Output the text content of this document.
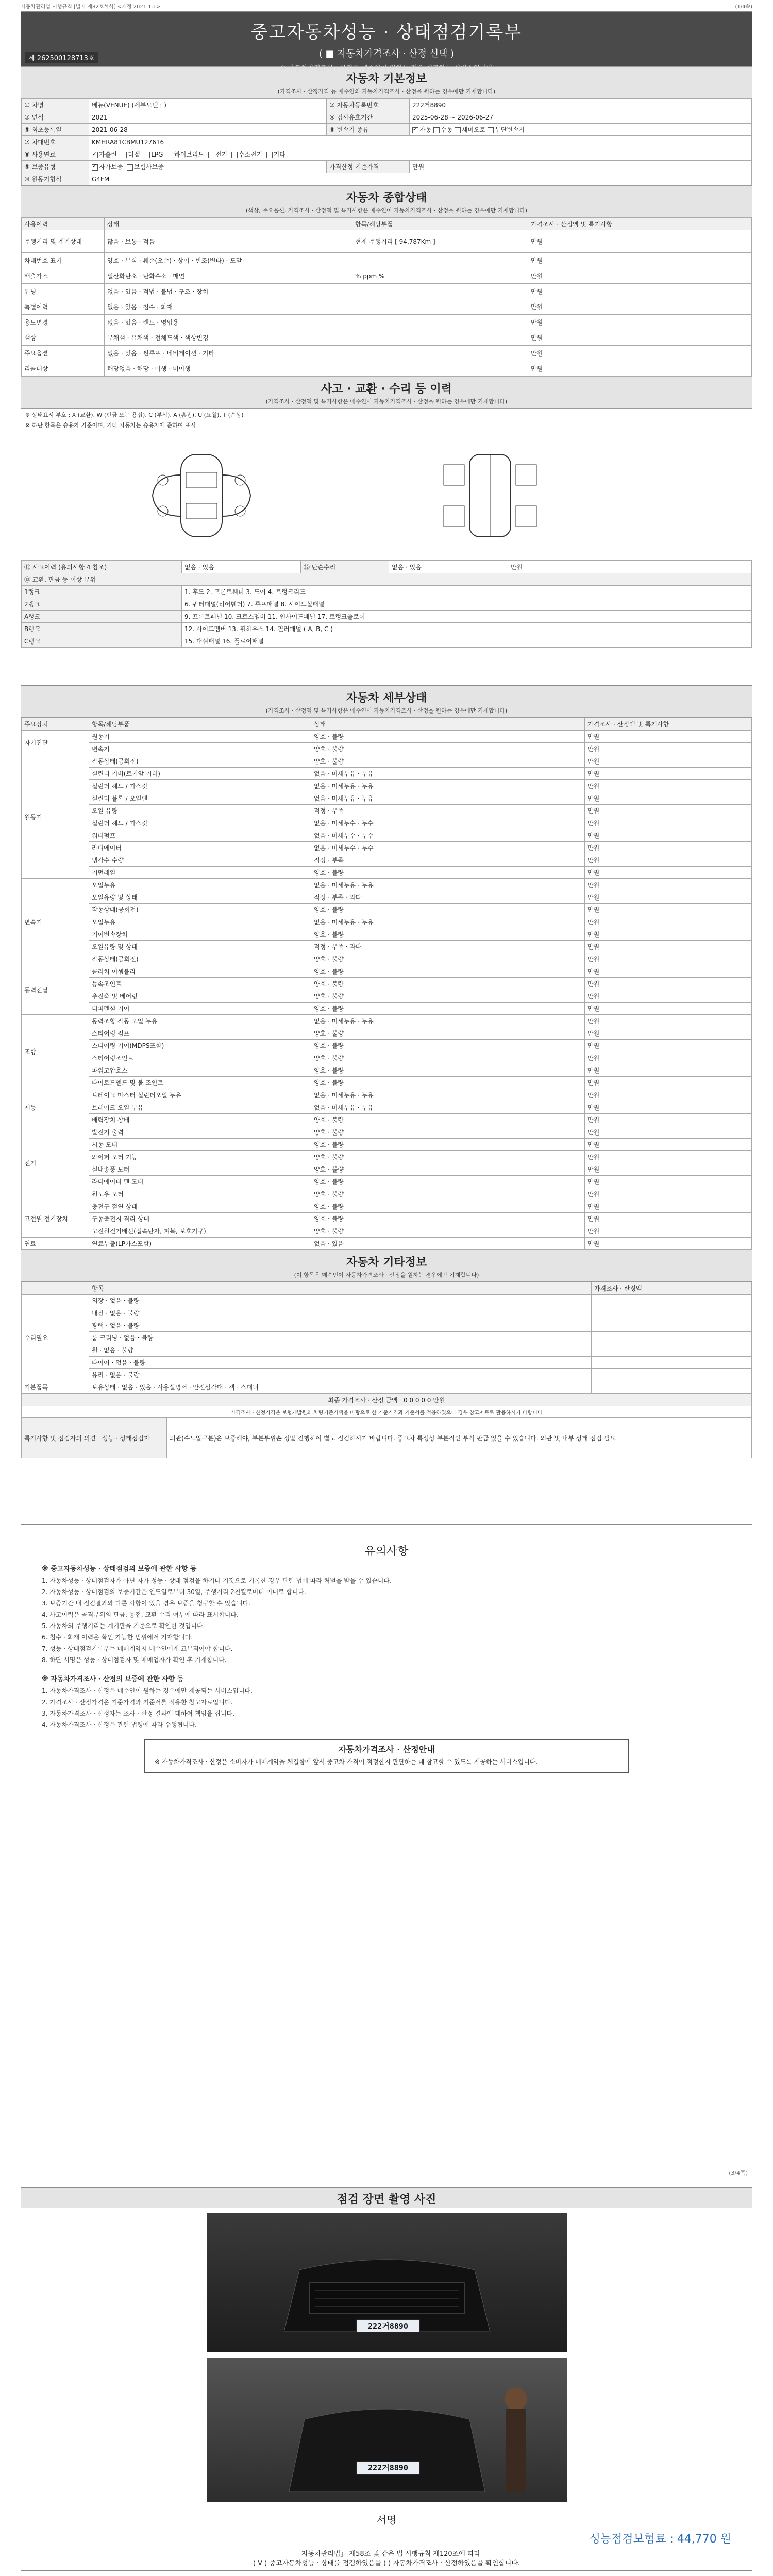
자동차관리법 시행규칙 [별지 제82호서식] <개정 2021.1.1>	(1/4쪽)
중고자동차성능 · 상태점검기록부
( ■ 자동차가격조사 · 산정 선택 )
※ 자동차가격조사 · 산정은 매수인이 원하는 경우 제공하는 서비스입니다
제 262500128713호
자동차 기본정보
(가격조사 · 산정가격 등 매수인의 자동차가격조사 · 산정을 원하는 경우에만 기재합니다)
① 차명	베뉴(VENUE) (세부모델 : )	② 자동차등록번호	222거8890
③ 연식	2021	④ 검사유효기간	2025-06-28 ~ 2026-06-27
⑤ 최초등록일	2021-06-28	⑥ 변속기 종류	✓자동 수동 세미오토 무단변속기
⑦ 차대번호	KMHRA81CBMU127616		
⑧ 사용연료	✓가솔린 디젤 LPG 하이브리드 전기 수소전기 기타
⑨ 보증유형	✓자가보증 보험사보증	가격산정 기준가격	만원
⑩ 원동기형식	G4FM		
자동차 종합상태
(색상, 주요옵션, 가격조사 · 산정액 및 특기사항은 매수인이 자동차가격조사 · 산정을 원하는 경우에만 기재합니다)
사용이력	상태	항목/해당부품	가격조사 · 산정액 및 특기사항
주행거리 및 계기상태	많음 · 보통 · 적음	현재 주행거리 [ 94,787Km ]	만원
차대번호 표기	양호 · 부식 · 훼손(오손) · 상이 · 변조(변타) · 도말		만원
배출가스	일산화탄소 · 탄화수소 · 매연	% ppm %	만원
튜닝	없음 · 있음 · 적법 · 불법 · 구조 · 장치		만원
특별이력	없음 · 있음 · 침수 · 화재		만원
용도변경	없음 · 있음 · 렌트 · 영업용		만원
색상	무채색 · 유채색 · 전체도색 · 색상변경		만원
주요옵션	없음 · 있음 · 썬루프 · 네비게이션 · 기타		만원
리콜대상	해당없음 · 해당 · 이행 · 미이행		만원
사고 · 교환 · 수리 등 이력
(가격조사 · 산정액 및 특기사항은 매수인이 자동차가격조사 · 산정을 원하는 경우에만 기재합니다)
※ 상태표시 부호 : X (교환), W (판금 또는 용접), C (부식), A (흠집), U (요철), T (손상)
※ 하단 항목은 승용차 기준이며, 기타 자동차는 승용차에 준하여 표시
⑪ 사고이력 (유의사항 4 참조)	없음 · 있음	⑫ 단순수리	없음 · 있음	만원
⑬ 교환, 판금 등 이상 부위				
1랭크	1. 후드 2. 프론트휀더 3. 도어 4. 트렁크리드			
2랭크	6. 쿼터패널(리어휀더) 7. 루프패널 8. 사이드실패널			
A랭크	9. 프론트패널 10. 크로스멤버 11. 인사이드패널 17. 트렁크플로어			
B랭크	12. 사이드멤버 13. 휠하우스 14. 필러패널 ( A, B, C )			
C랭크	15. 대쉬패널 16. 플로어패널			
자동차 세부상태
(가격조사 · 산정액 및 특기사항은 매수인이 자동차가격조사 · 산정을 원하는 경우에만 기재합니다)
주요장치	항목/해당부품	상태	가격조사 · 산정액 및 특기사항
자기진단	원동기	양호 · 불량	만원
	변속기	양호 · 불량	만원
원동기	작동상태(공회전)	양호 · 불량	만원
	실린더 커버(로커암 커버)	없음 · 미세누유 · 누유	만원
	실린더 헤드 / 가스킷	없음 · 미세누유 · 누유	만원
	실린더 블록 / 오일팬	없음 · 미세누유 · 누유	만원
	오일 유량	적정 · 부족	만원
	실린더 헤드 / 가스킷	없음 · 미세누수 · 누수	만원
	워터펌프	없음 · 미세누수 · 누수	만원
	라디에이터	없음 · 미세누수 · 누수	만원
	냉각수 수량	적정 · 부족	만원
	커먼레일	양호 · 불량	만원
변속기	오일누유	없음 · 미세누유 · 누유	만원
	오일유량 및 상태	적정 · 부족 · 과다	만원
	작동상태(공회전)	양호 · 불량	만원
	오일누유	없음 · 미세누유 · 누유	만원
	기어변속장치	양호 · 불량	만원
	오일유량 및 상태	적정 · 부족 · 과다	만원
	작동상태(공회전)	양호 · 불량	만원
동력전달	클러치 어셈블리	양호 · 불량	만원
	등속조인트	양호 · 불량	만원
	추진축 및 베어링	양호 · 불량	만원
	디퍼렌셜 기어	양호 · 불량	만원
조향	동력조향 작동 오일 누유	없음 · 미세누유 · 누유	만원
	스티어링 펌프	양호 · 불량	만원
	스티어링 기어(MDPS포함)	양호 · 불량	만원
	스티어링조인트	양호 · 불량	만원
	파워고압호스	양호 · 불량	만원
	타이로드엔드 및 볼 조인트	양호 · 불량	만원
제동	브레이크 마스터 실린더오일 누유	없음 · 미세누유 · 누유	만원
	브레이크 오일 누유	없음 · 미세누유 · 누유	만원
	배력장치 상태	양호 · 불량	만원
전기	발전기 출력	양호 · 불량	만원
	시동 모터	양호 · 불량	만원
	와이퍼 모터 기능	양호 · 불량	만원
	실내송풍 모터	양호 · 불량	만원
	라디에이터 팬 모터	양호 · 불량	만원
	윈도우 모터	양호 · 불량	만원
고전원 전기장치	충전구 절연 상태	양호 · 불량	만원
	구동축전지 격리 상태	양호 · 불량	만원
	고전원전기배선(접속단자, 피복, 보호기구)	양호 · 불량	만원
연료	연료누출(LP가스포함)	없음 · 있음	만원
자동차 기타정보
(이 항목은 매수인이 자동차가격조사 · 산정을 원하는 경우에만 기재합니다)
	항목	가격조사 · 산정액
수리필요	외장 · 없음 · 불량	
	내장 · 없음 · 불량	
	광택 · 없음 · 불량	
	룸 크리닝 · 없음 · 불량	
	휠 · 없음 · 불량	
	타이어 · 없음 · 불량	
	유리 · 없음 · 불량	
기본품목	보유상태 · 없음 · 있음 · 사용설명서 · 안전삼각대 · 잭 · 스패너	
최종 가격조사 · 산정 금액 0 0 0 0 0 만원
가격조사 · 산정가격은 보험개발원의 차량기준가액을 바탕으로 한 기준가격과 기준서를 적용하였으나 경우 참고자료로 활용하시기 바랍니다
특기사항 및 점검자의 의견	성능 · 상태점검자	외관(수도압구분)은 보증해야, 부분부위손 정말 진행하여 별도 점검하시기 바랍니다. 중고차 특성상 부분적인 부식 판금 있을 수 있습니다. 외관 및 내부 상태 점검 필요
유의사항

※ 중고자동차성능 · 상태점검의 보증에 관한 사항 등

1. 자동차성능 · 상태점검자가 아닌 자가 성능 · 상태 점검을 하거나 거짓으로 기록한 경우 관련 법에 따라 처벌을 받을 수 있습니다.

2. 자동차성능 · 상태점검의 보증기간은 인도일로부터 30일, 주행거리 2천킬로미터 이내로 합니다.

3. 보증기간 내 점검결과와 다른 사항이 있을 경우 보증을 청구할 수 있습니다.

4. 사고이력은 골격부위의 판금, 용접, 교환 수리 여부에 따라 표시합니다.

5. 자동차의 주행거리는 계기판을 기준으로 확인한 것입니다.

6. 침수 · 화재 이력은 확인 가능한 범위에서 기재합니다.

7. 성능 · 상태점검기록부는 매매계약시 매수인에게 교부되어야 합니다.

8. 하단 서명은 성능 · 상태점검자 및 매매업자가 확인 후 기재합니다.

※ 자동차가격조사 · 산정의 보증에 관한 사항 등

1. 자동차가격조사 · 산정은 매수인이 원하는 경우에만 제공되는 서비스입니다.

2. 가격조사 · 산정가격은 기준가격과 기준서를 적용한 참고자료입니다.

3. 자동차가격조사 · 산정자는 조사 · 산정 결과에 대하여 책임을 집니다.

4. 자동차가격조사 · 산정은 관련 법령에 따라 수행됩니다.

자동차가격조사 · 산정안내
※ 자동차가격조사 · 산정은 소비자가 매매계약을 체결함에 앞서 중고차 가격이 적정한지 판단하는 데 참고할 수 있도록 제공하는 서비스입니다.
(3/4쪽)
점검 장면 촬영 사진
222거8890
222거8890
서명
성능점검보험료 : 44,770 원
「 자동차관리법」 제58조 및 같은 법 시행규칙 제120조에 따라
( V ) 중고자동차성능 · 상태를 점검하였음을 ( ) 자동차가격조사 · 산정하였음을 확인합니다.
